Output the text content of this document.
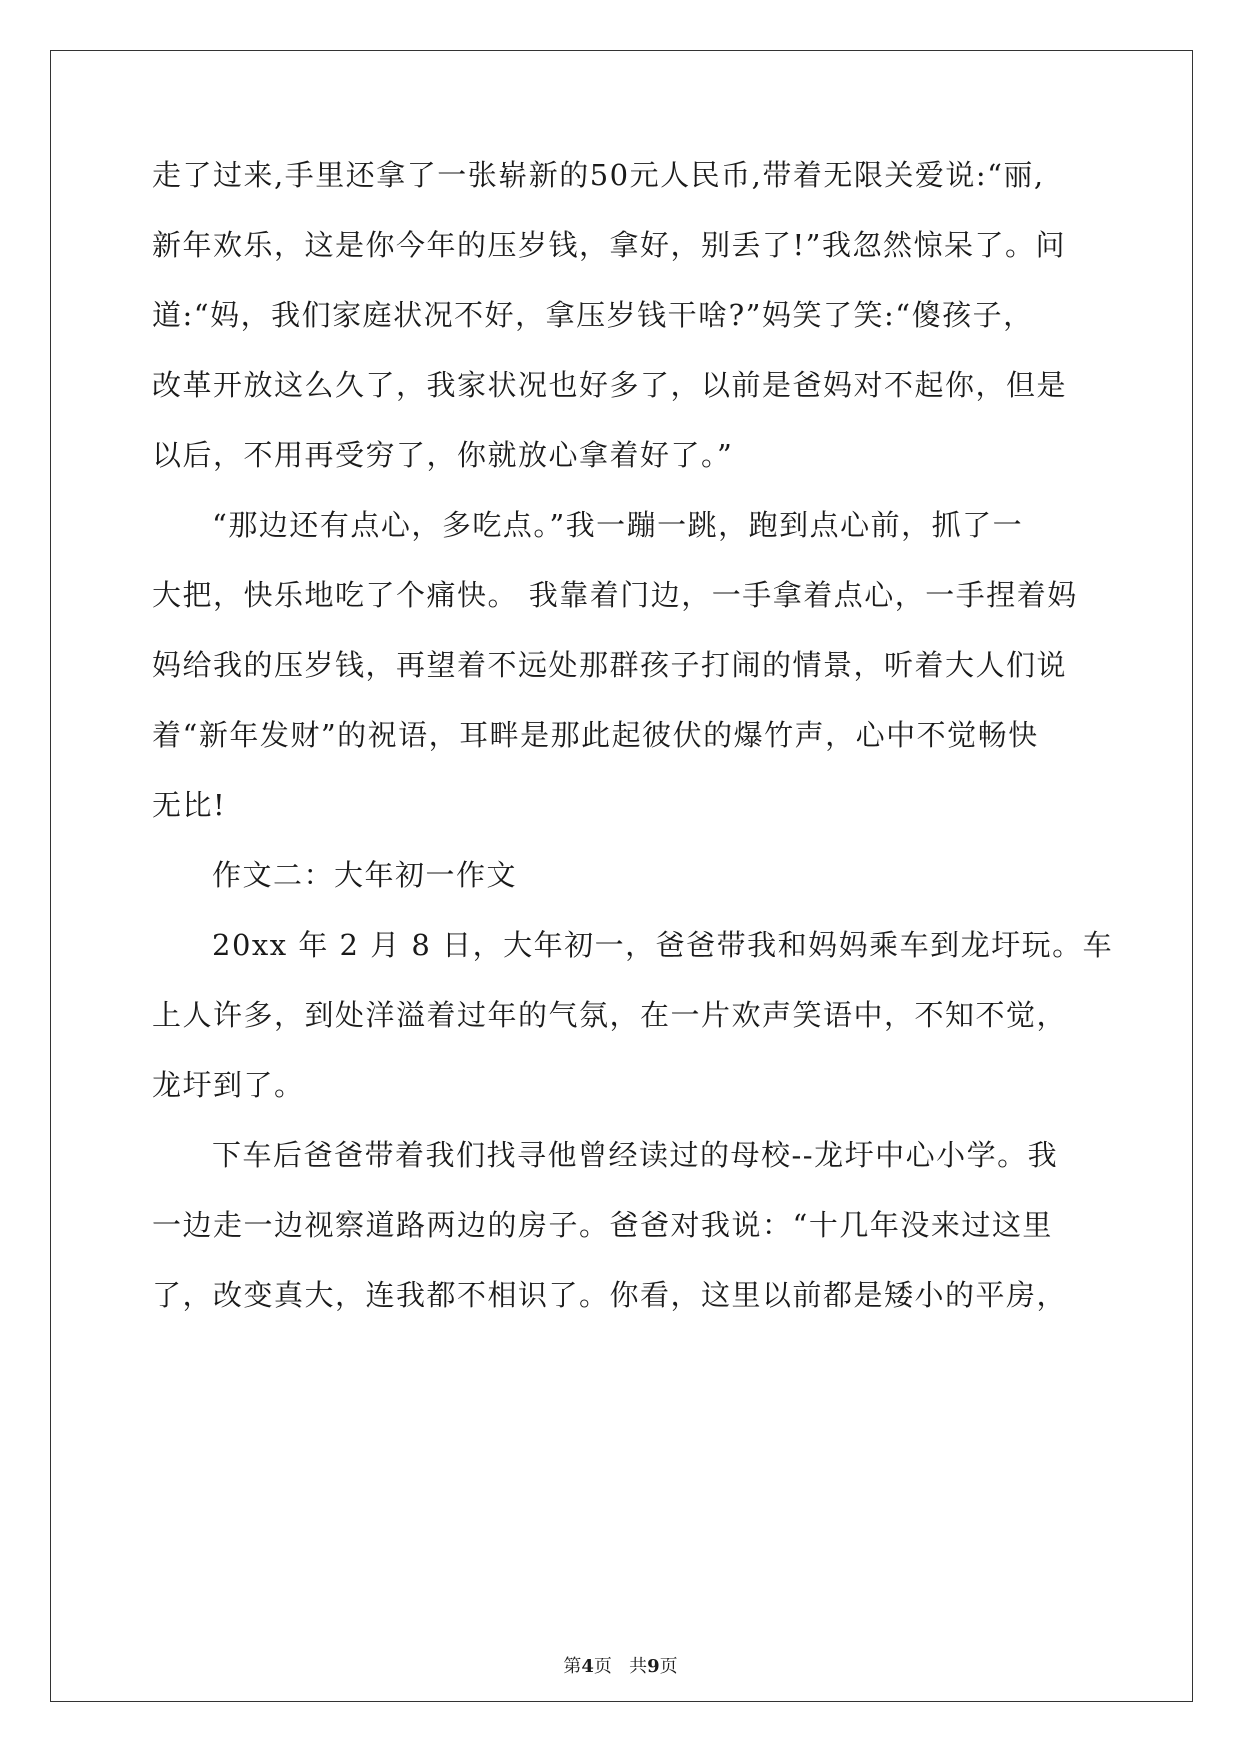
走了过来,手里还拿了一张崭新的50元人民币,带着无限关爱说:“丽,
新年欢乐，这是你今年的压岁钱，拿好，别丢了!”我忽然惊呆了。问
道:“妈，我们家庭状况不好，拿压岁钱干啥?”妈笑了笑:“傻孩子，
改革开放这么久了，我家状况也好多了，以前是爸妈对不起你，但是
以后，不用再受穷了，你就放心拿着好了。”
“那边还有点心，多吃点。”我一蹦一跳，跑到点心前，抓了一
大把，快乐地吃了个痛快。 我靠着门边，一手拿着点心，一手捏着妈
妈给我的压岁钱，再望着不远处那群孩子打闹的情景，听着大人们说
着“新年发财”的祝语，耳畔是那此起彼伏的爆竹声，心中不觉畅快
无比!
作文二：大年初一作文
20xx 年 2 月 8 日，大年初一，爸爸带我和妈妈乘车到龙圩玩。车
上人许多，到处洋溢着过年的气氛，在一片欢声笑语中，不知不觉，
龙圩到了。
下车后爸爸带着我们找寻他曾经读过的母校--龙圩中心小学。我
一边走一边视察道路两边的房子。爸爸对我说：“十几年没来过这里
了，改变真大，连我都不相识了。你看，这里以前都是矮小的平房，
第4页 共9页
